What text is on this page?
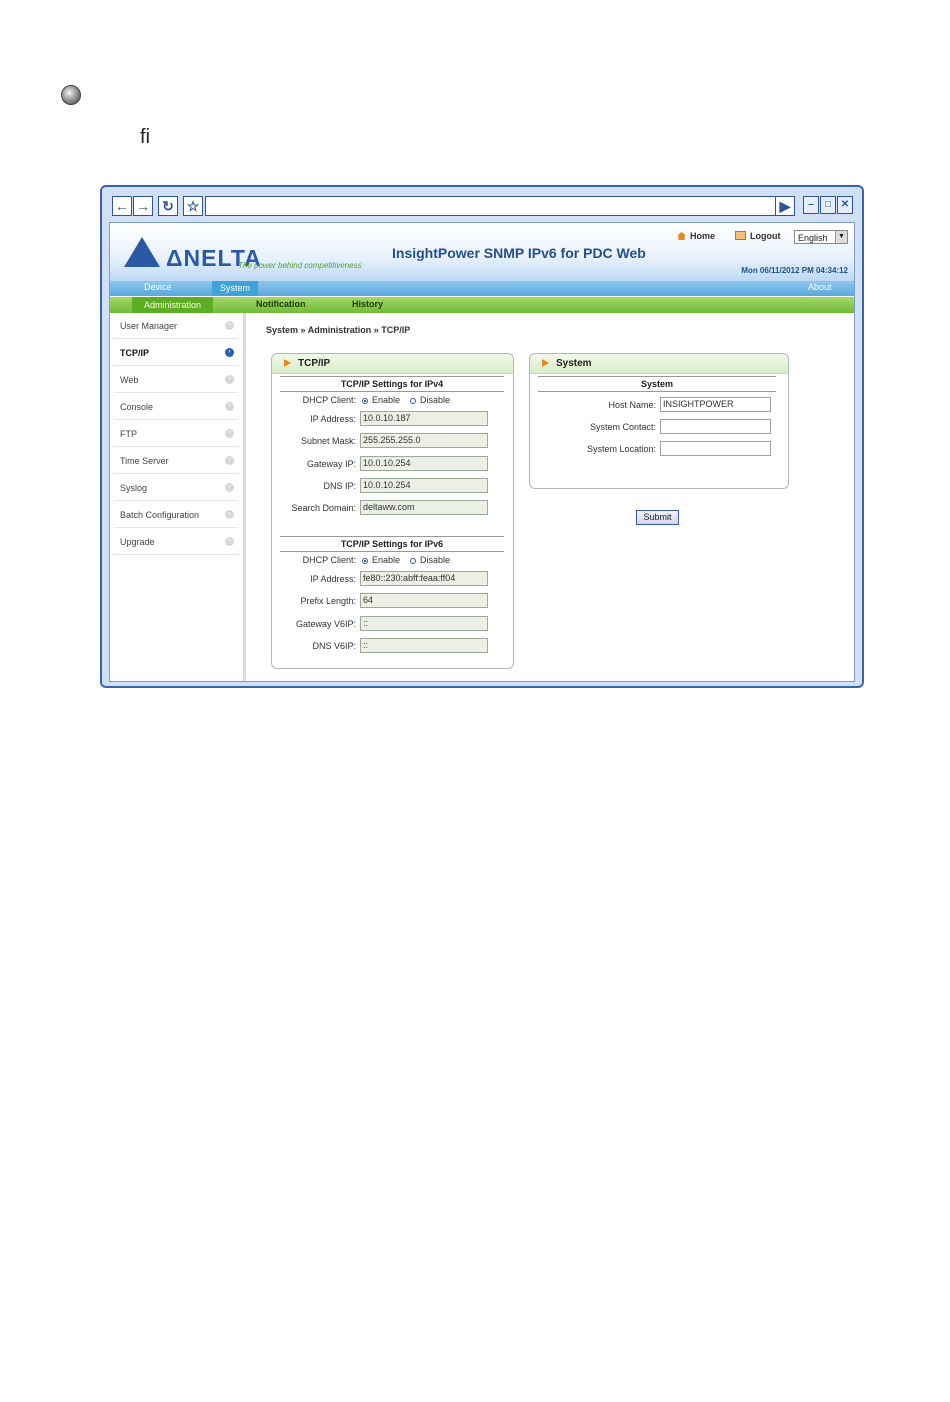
ﬁ
← → ↻ ☆	▶	–	□ ✕
ΔNELTA
The power behind competitiveness
InsightPower SNMP IPv6 for PDC Web
Home	Logout	English	▼
Mon 06/11/2012 PM 04:34:12
Device	System	About
Administration	Notification	History
User Manager	›
TCP/IP	›
Web	›
Console	›
FTP	›
Time Server	›
Syslog	›
Batch Configuration	›
Upgrade	›
System » Administration » TCP/IP
TCP/IP
TCP/IP Settings for IPv4
DHCP Client:	Enable	Disable
IP Address: 10.0.10.187
Subnet Mask: 255.255.255.0
Gateway IP: 10.0.10.254
DNS IP: 10.0.10.254
Search Domain: deltaww.com
TCP/IP Settings for IPv6
DHCP Client:	Enable	Disable
IP Address: fe80::230:abff:feaa:ff04
Prefix Length: 64
Gateway V6IP: ::
DNS V6IP: ::
System
System
Host Name: INSIGHTPOWER
System Contact:
System Location:
Submit
